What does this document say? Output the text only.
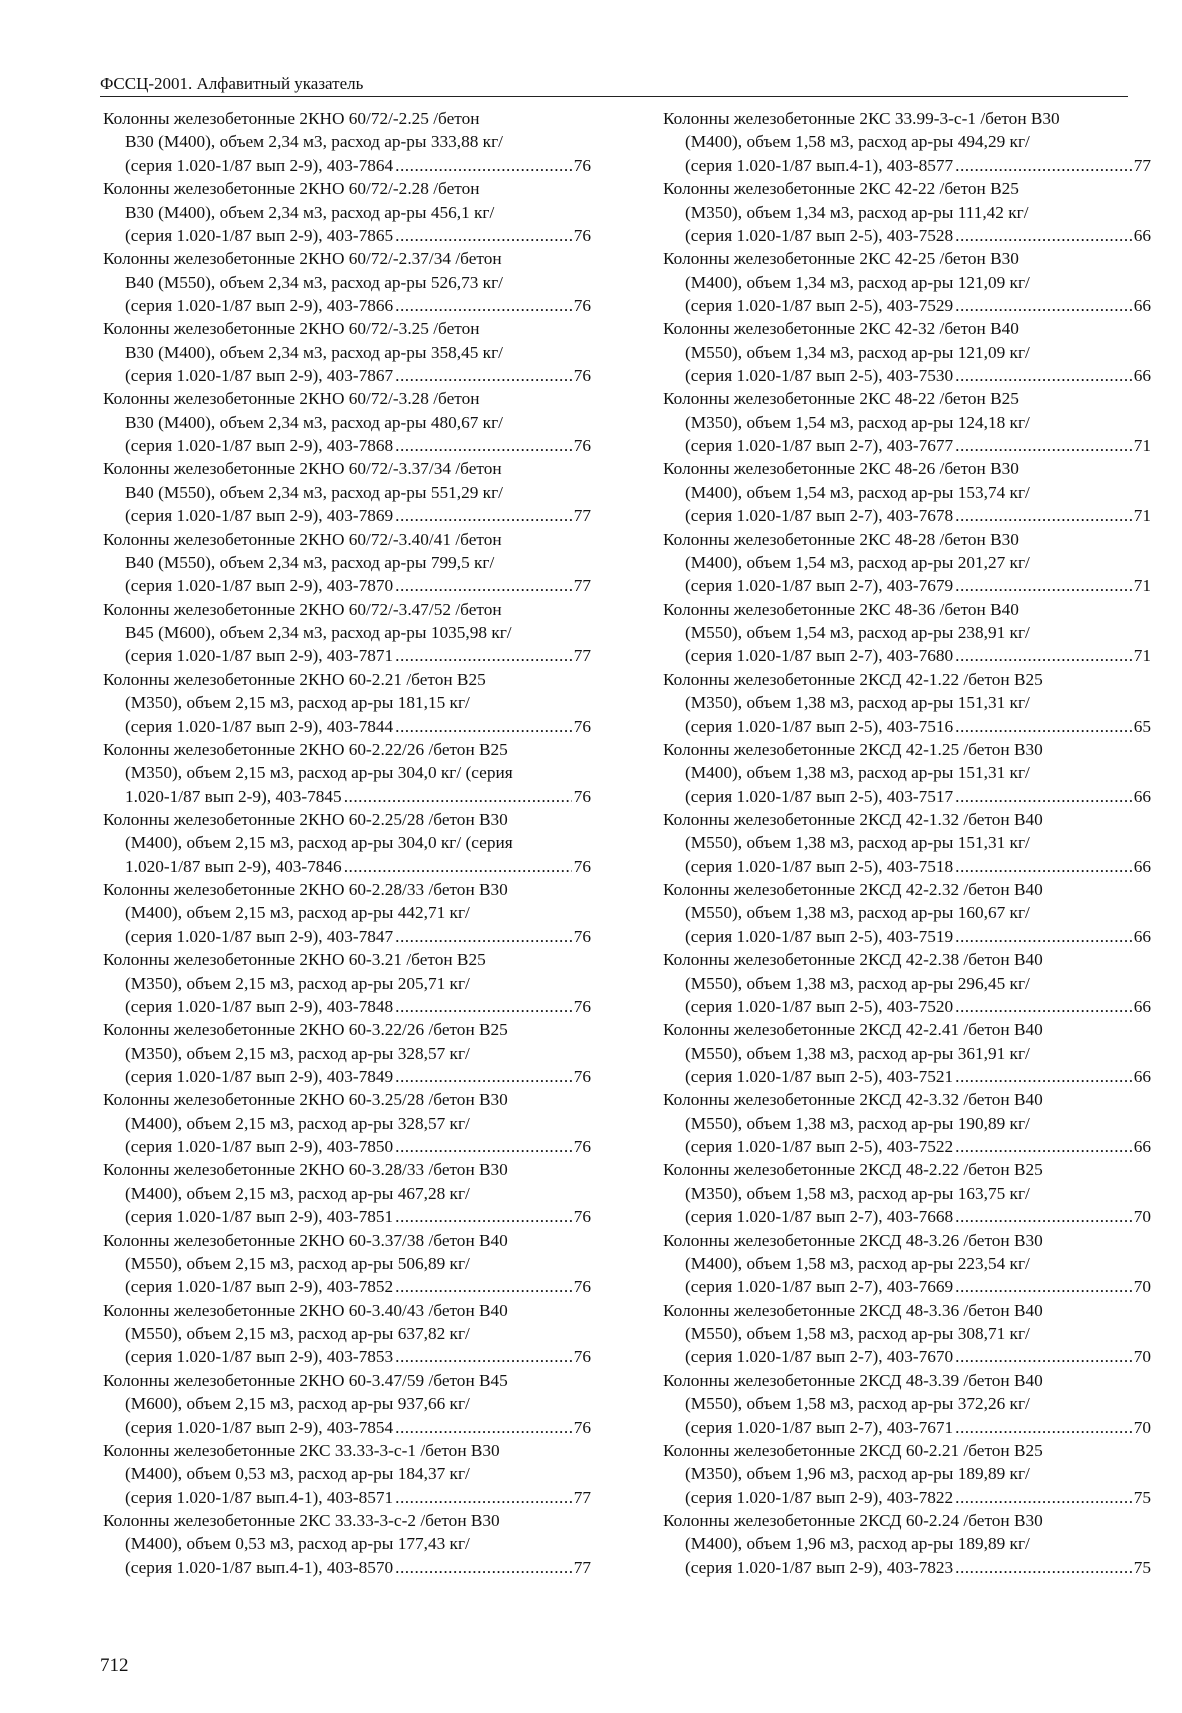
ФССЦ-2001. Алфавитный указатель
Колонны железобетонные 2КНО 60/72/-2.25 /бетон
В30 (М400), объем 2,34 м3, расход ар-ры 333,88 кг/
(серия 1.020-1/87 вып 2-9), 403-7864 .....	76
Колонны железобетонные 2КНО 60/72/-2.28 /бетон
В30 (М400), объем 2,34 м3, расход ар-ры 456,1 кг/
(серия 1.020-1/87 вып 2-9), 403-7865 .....	76
Колонны железобетонные 2КНО 60/72/-2.37/34 /бетон
В40 (М550), объем 2,34 м3, расход ар-ры 526,73 кг/
(серия 1.020-1/87 вып 2-9), 403-7866 .....	76
Колонны железобетонные 2КНО 60/72/-3.25 /бетон
В30 (М400), объем 2,34 м3, расход ар-ры 358,45 кг/
(серия 1.020-1/87 вып 2-9), 403-7867 .....	76
Колонны железобетонные 2КНО 60/72/-3.28 /бетон
В30 (М400), объем 2,34 м3, расход ар-ры 480,67 кг/
(серия 1.020-1/87 вып 2-9), 403-7868 .....	76
Колонны железобетонные 2КНО 60/72/-3.37/34 /бетон
В40 (М550), объем 2,34 м3, расход ар-ры 551,29 кг/
(серия 1.020-1/87 вып 2-9), 403-7869 .....	77
Колонны железобетонные 2КНО 60/72/-3.40/41 /бетон
В40 (М550), объем 2,34 м3, расход ар-ры 799,5 кг/
(серия 1.020-1/87 вып 2-9), 403-7870 .....	77
Колонны железобетонные 2КНО 60/72/-3.47/52 /бетон
В45 (М600), объем 2,34 м3, расход ар-ры 1035,98 кг/
(серия 1.020-1/87 вып 2-9), 403-7871 .....	77
Колонны железобетонные 2КНО 60-2.21 /бетон В25
(М350), объем 2,15 м3, расход ар-ры 181,15 кг/
(серия 1.020-1/87 вып 2-9), 403-7844 .....	76
Колонны железобетонные 2КНО 60-2.22/26 /бетон В25
(М350), объем 2,15 м3, расход ар-ры 304,0 кг/ (серия
1.020-1/87 вып 2-9), 403-7845 .....	76
Колонны железобетонные 2КНО 60-2.25/28 /бетон В30
(М400), объем 2,15 м3, расход ар-ры 304,0 кг/ (серия
1.020-1/87 вып 2-9), 403-7846 .....	76
Колонны железобетонные 2КНО 60-2.28/33 /бетон В30
(М400), объем 2,15 м3, расход ар-ры 442,71 кг/
(серия 1.020-1/87 вып 2-9), 403-7847 .....	76
Колонны железобетонные 2КНО 60-3.21 /бетон В25
(М350), объем 2,15 м3, расход ар-ры 205,71 кг/
(серия 1.020-1/87 вып 2-9), 403-7848 .....	76
Колонны железобетонные 2КНО 60-3.22/26 /бетон В25
(М350), объем 2,15 м3, расход ар-ры 328,57 кг/
(серия 1.020-1/87 вып 2-9), 403-7849 .....	76
Колонны железобетонные 2КНО 60-3.25/28 /бетон В30
(М400), объем 2,15 м3, расход ар-ры 328,57 кг/
(серия 1.020-1/87 вып 2-9), 403-7850 .....	76
Колонны железобетонные 2КНО 60-3.28/33 /бетон В30
(М400), объем 2,15 м3, расход ар-ры 467,28 кг/
(серия 1.020-1/87 вып 2-9), 403-7851 .....	76
Колонны железобетонные 2КНО 60-3.37/38 /бетон В40
(М550), объем 2,15 м3, расход ар-ры 506,89 кг/
(серия 1.020-1/87 вып 2-9), 403-7852 .....	76
Колонны железобетонные 2КНО 60-3.40/43 /бетон В40
(М550), объем 2,15 м3, расход ар-ры 637,82 кг/
(серия 1.020-1/87 вып 2-9), 403-7853 .....	76
Колонны железобетонные 2КНО 60-3.47/59 /бетон В45
(М600), объем 2,15 м3, расход ар-ры 937,66 кг/
(серия 1.020-1/87 вып 2-9), 403-7854 .....	76
Колонны железобетонные 2КС 33.33-3-с-1 /бетон В30
(М400), объем 0,53 м3, расход ар-ры 184,37 кг/
(серия 1.020-1/87 вып.4-1), 403-8571 .....	77
Колонны железобетонные 2КС 33.33-3-с-2 /бетон В30
(М400), объем 0,53 м3, расход ар-ры 177,43 кг/
(серия 1.020-1/87 вып.4-1), 403-8570 .....	77
Колонны железобетонные 2КС 33.99-3-с-1 /бетон В30
(М400), объем 1,58 м3, расход ар-ры 494,29 кг/
(серия 1.020-1/87 вып.4-1), 403-8577 .....	77
Колонны железобетонные 2КС 42-22 /бетон В25
(М350), объем 1,34 м3, расход ар-ры 111,42 кг/
(серия 1.020-1/87 вып 2-5), 403-7528 .....	66
Колонны железобетонные 2КС 42-25 /бетон В30
(М400), объем 1,34 м3, расход ар-ры 121,09 кг/
(серия 1.020-1/87 вып 2-5), 403-7529 .....	66
Колонны железобетонные 2КС 42-32 /бетон В40
(М550), объем 1,34 м3, расход ар-ры 121,09 кг/
(серия 1.020-1/87 вып 2-5), 403-7530 .....	66
Колонны железобетонные 2КС 48-22 /бетон В25
(М350), объем 1,54 м3, расход ар-ры 124,18 кг/
(серия 1.020-1/87 вып 2-7), 403-7677 .....	71
Колонны железобетонные 2КС 48-26 /бетон В30
(М400), объем 1,54 м3, расход ар-ры 153,74 кг/
(серия 1.020-1/87 вып 2-7), 403-7678 .....	71
Колонны железобетонные 2КС 48-28 /бетон В30
(М400), объем 1,54 м3, расход ар-ры 201,27 кг/
(серия 1.020-1/87 вып 2-7), 403-7679 .....	71
Колонны железобетонные 2КС 48-36 /бетон В40
(М550), объем 1,54 м3, расход ар-ры 238,91 кг/
(серия 1.020-1/87 вып 2-7), 403-7680 .....	71
Колонны железобетонные 2КСД 42-1.22 /бетон В25
(М350), объем 1,38 м3, расход ар-ры 151,31 кг/
(серия 1.020-1/87 вып 2-5), 403-7516 .....	65
Колонны железобетонные 2КСД 42-1.25 /бетон В30
(М400), объем 1,38 м3, расход ар-ры 151,31 кг/
(серия 1.020-1/87 вып 2-5), 403-7517 .....	66
Колонны железобетонные 2КСД 42-1.32 /бетон В40
(М550), объем 1,38 м3, расход ар-ры 151,31 кг/
(серия 1.020-1/87 вып 2-5), 403-7518 .....	66
Колонны железобетонные 2КСД 42-2.32 /бетон В40
(М550), объем 1,38 м3, расход ар-ры 160,67 кг/
(серия 1.020-1/87 вып 2-5), 403-7519 .....	66
Колонны железобетонные 2КСД 42-2.38 /бетон В40
(М550), объем 1,38 м3, расход ар-ры 296,45 кг/
(серия 1.020-1/87 вып 2-5), 403-7520 .....	66
Колонны железобетонные 2КСД 42-2.41 /бетон В40
(М550), объем 1,38 м3, расход ар-ры 361,91 кг/
(серия 1.020-1/87 вып 2-5), 403-7521 .....	66
Колонны железобетонные 2КСД 42-3.32 /бетон В40
(М550), объем 1,38 м3, расход ар-ры 190,89 кг/
(серия 1.020-1/87 вып 2-5), 403-7522 .....	66
Колонны железобетонные 2КСД 48-2.22 /бетон В25
(М350), объем 1,58 м3, расход ар-ры 163,75 кг/
(серия 1.020-1/87 вып 2-7), 403-7668 .....	70
Колонны железобетонные 2КСД 48-3.26 /бетон В30
(М400), объем 1,58 м3, расход ар-ры 223,54 кг/
(серия 1.020-1/87 вып 2-7), 403-7669 .....	70
Колонны железобетонные 2КСД 48-3.36 /бетон В40
(М550), объем 1,58 м3, расход ар-ры 308,71 кг/
(серия 1.020-1/87 вып 2-7), 403-7670 .....	70
Колонны железобетонные 2КСД 48-3.39 /бетон В40
(М550), объем 1,58 м3, расход ар-ры 372,26 кг/
(серия 1.020-1/87 вып 2-7), 403-7671 .....	70
Колонны железобетонные 2КСД 60-2.21 /бетон В25
(М350), объем 1,96 м3, расход ар-ры 189,89 кг/
(серия 1.020-1/87 вып 2-9), 403-7822 .....	75
Колонны железобетонные 2КСД 60-2.24 /бетон В30
(М400), объем 1,96 м3, расход ар-ры 189,89 кг/
(серия 1.020-1/87 вып 2-9), 403-7823 .....	75
712
